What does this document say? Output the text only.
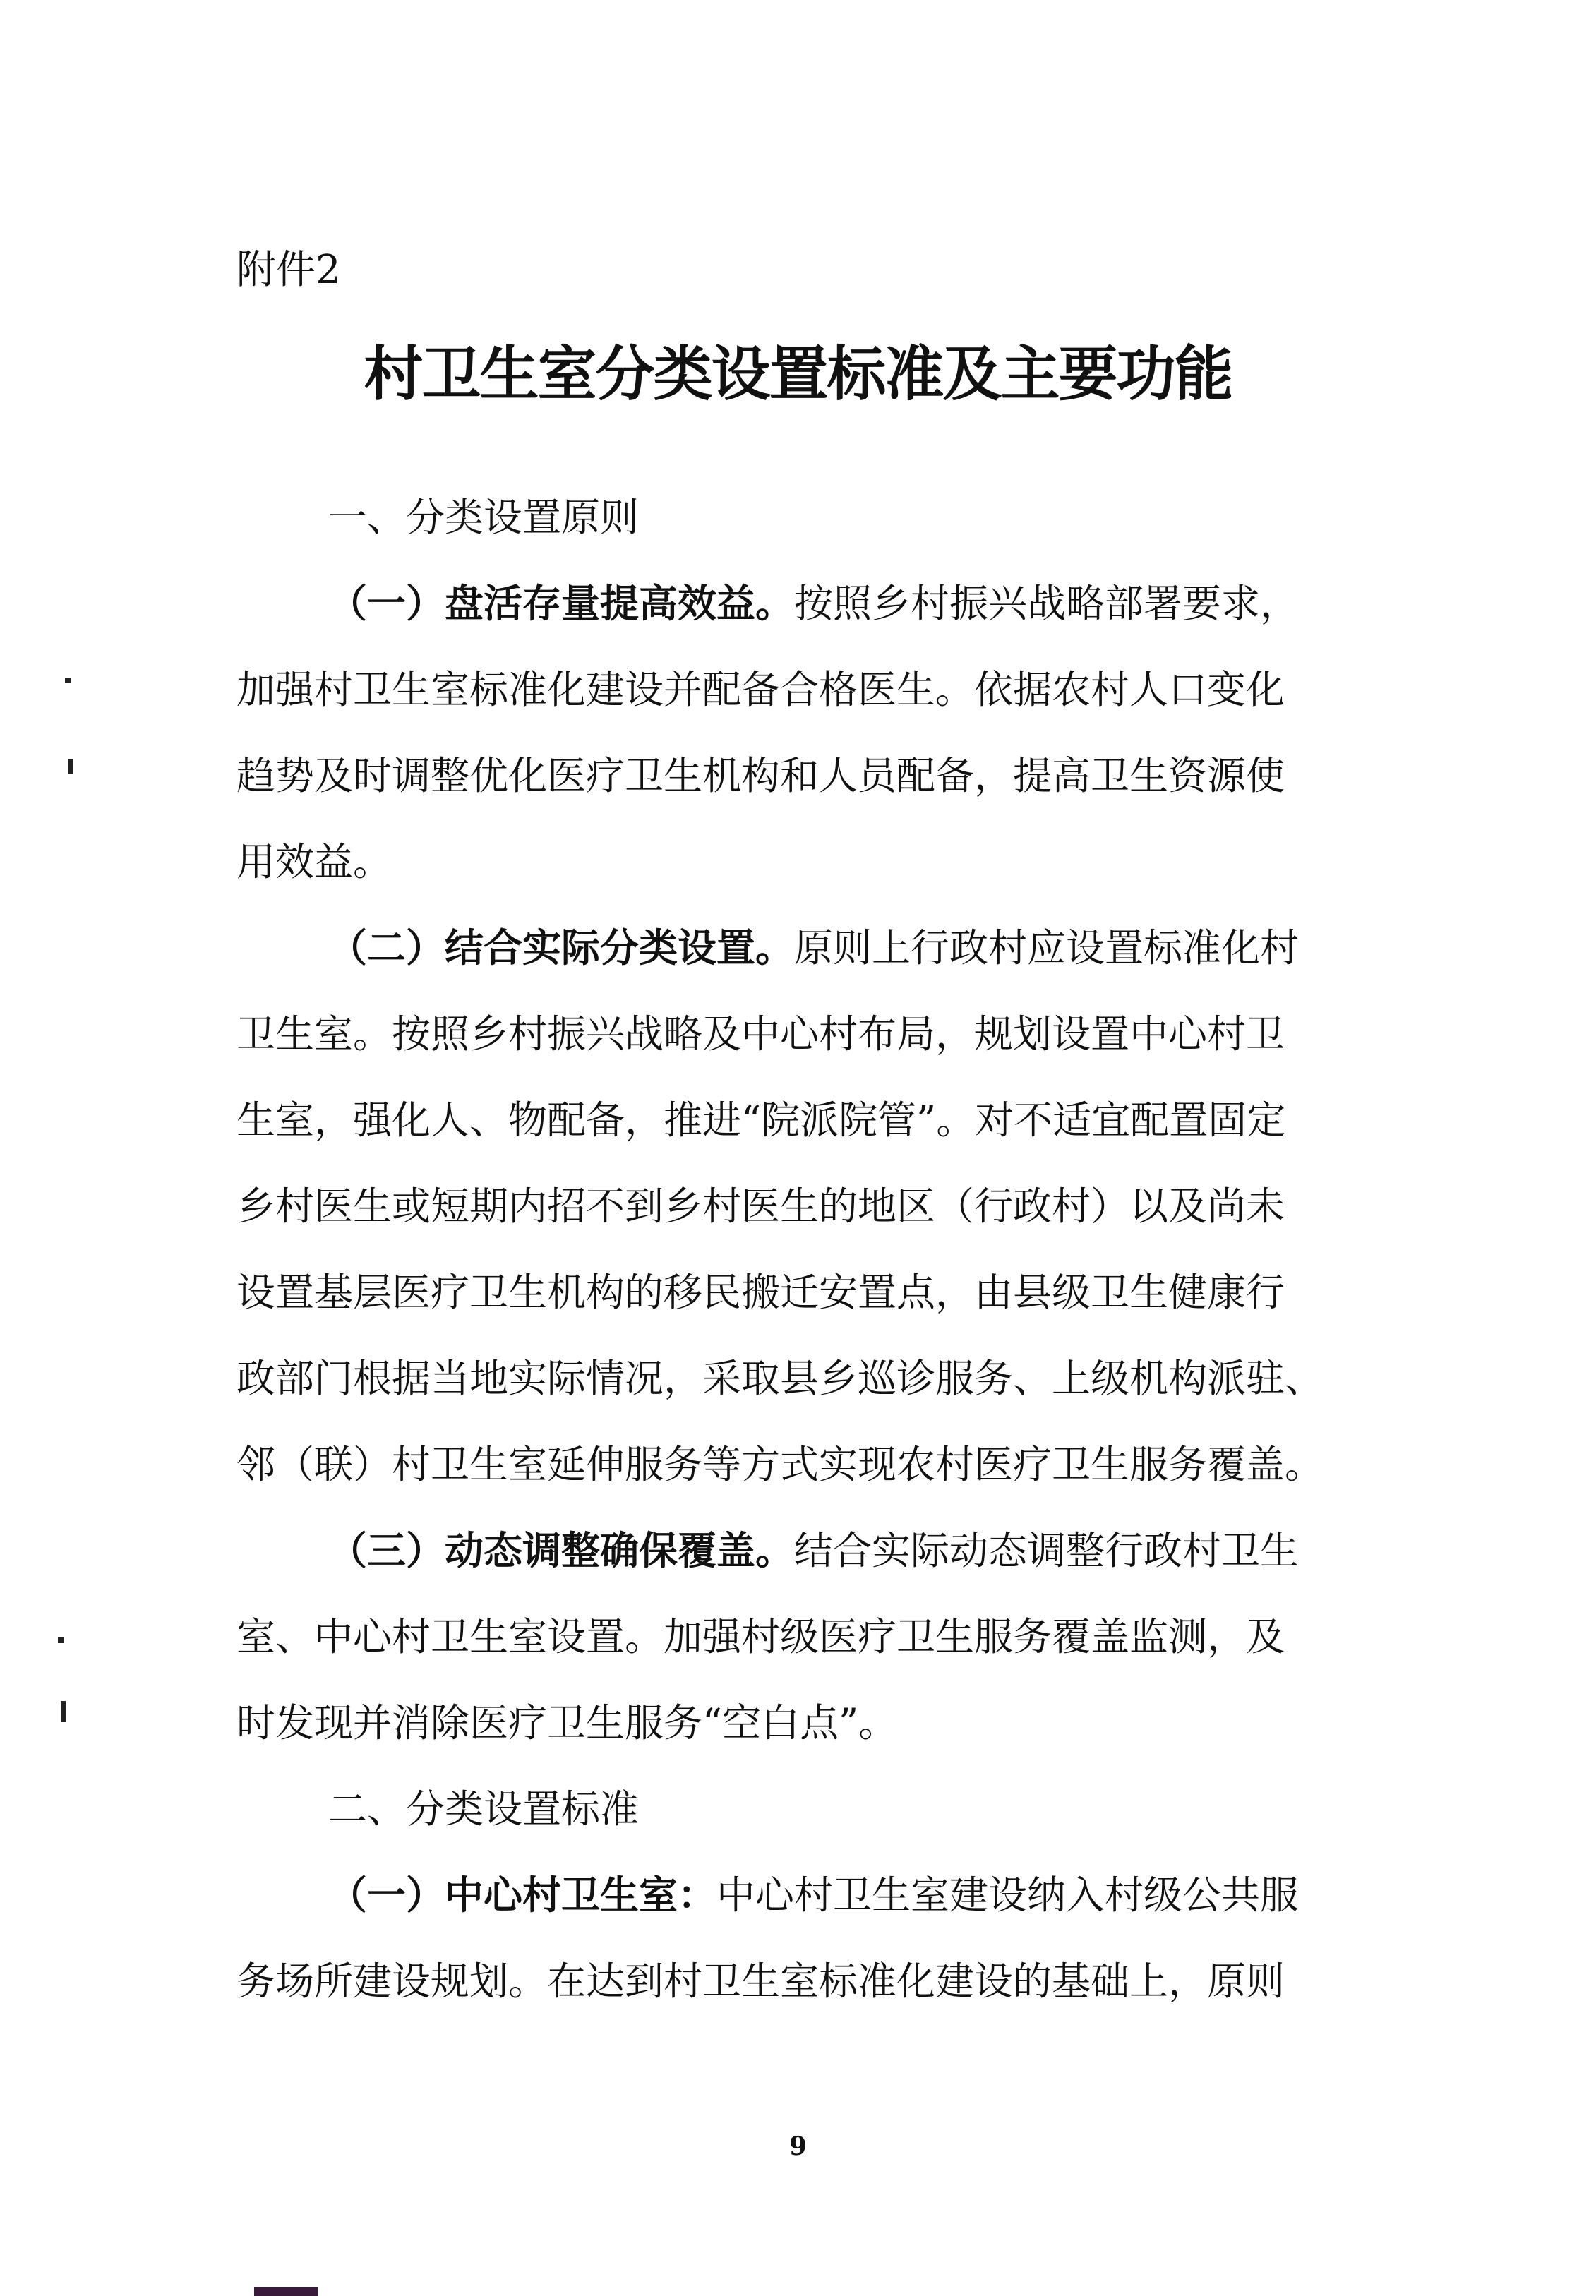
附件2
村卫生室分类设置标准及主要功能
一、分类设置原则
（一）盘活存量提高效益。按照乡村振兴战略部署要求，
加强村卫生室标准化建设并配备合格医生。依据农村人口变化
趋势及时调整优化医疗卫生机构和人员配备，提高卫生资源使
用效益。
（二）结合实际分类设置。原则上行政村应设置标准化村
卫生室。按照乡村振兴战略及中心村布局，规划设置中心村卫
生室，强化人、物配备，推进“院派院管”。对不适宜配置固定
乡村医生或短期内招不到乡村医生的地区（行政村）以及尚未
设置基层医疗卫生机构的移民搬迁安置点，由县级卫生健康行
政部门根据当地实际情况，采取县乡巡诊服务、上级机构派驻、
邻（联）村卫生室延伸服务等方式实现农村医疗卫生服务覆盖。
（三）动态调整确保覆盖。结合实际动态调整行政村卫生
室、中心村卫生室设置。加强村级医疗卫生服务覆盖监测，及
时发现并消除医疗卫生服务“空白点”。
二、分类设置标准
（一）中心村卫生室：中心村卫生室建设纳入村级公共服
务场所建设规划。在达到村卫生室标准化建设的基础上，原则
9
